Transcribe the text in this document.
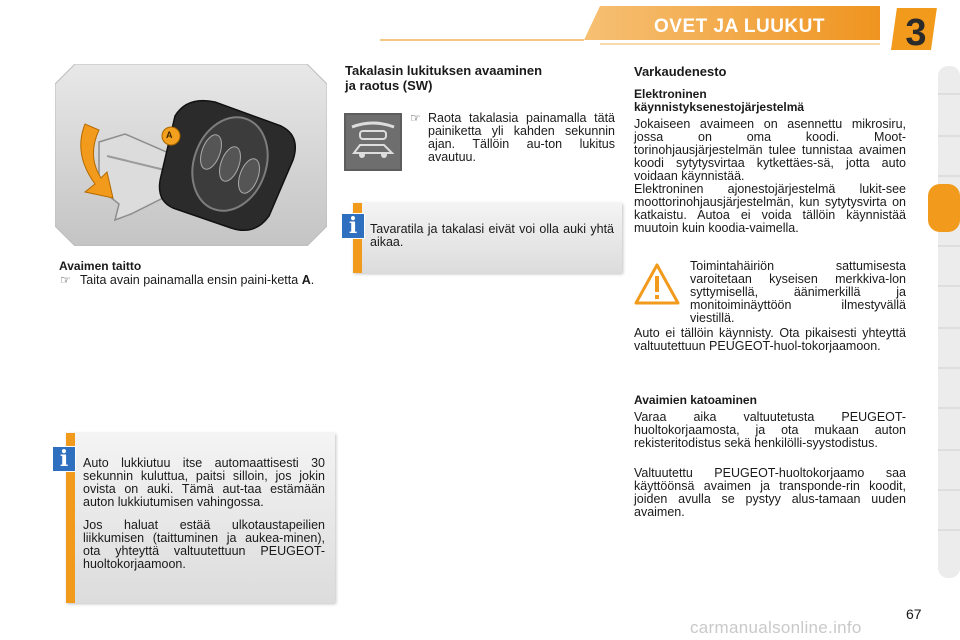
OVET JA LUUKUT	3
A
Avaimen taitto
☞ Taita avain painamalla ensin paini-ketta A.
Auto lukkiutuu itse automaattisesti 30 sekunnin kuluttua, paitsi silloin, jos jokin ovista on auki. Tämä aut-taa estämään auton lukkiutumisen vahingossa.
Jos haluat estää ulkotaustapeilien liikkumisen (taittuminen ja aukea-minen), ota yhteyttä valtuutettuun PEUGEOT-huoltokorjaamoon.
i
Takalasin lukituksen avaaminen
ja raotus (SW)
☞ Raota takalasia painamalla tätä painiketta yli kahden sekunnin ajan. Tällöin au-ton lukitus avautuu.
Tavaratila ja takalasi eivät voi olla auki yhtä aikaa.
i
Varkaudenesto
Elektroninen
käynnistyksenestojärjestelmä
Jokaiseen avaimeen on asennettu mikrosiru, jossa on oma koodi. Moot-torinohjausjärjestelmän tulee tunnistaa avaimen koodi sytytysvirtaa kytkettäes-sä, jotta auto voidaan käynnistää.
Elektroninen ajonestojärjestelmä lukit-see moottorinohjausjärjestelmän, kun sytytysvirta on katkaistu. Autoa ei voida tällöin käynnistää muutoin kuin koodia-vaimella.
Toimintahäiriön sattumisesta varoitetaan kyseisen merkkiva-lon syttymisellä, äänimerkillä ja monitoiminäyttöön ilmestyvällä viestillä.
Auto ei tällöin käynnisty. Ota pikaisesti yhteyttä valtuutettuun PEUGEOT-huol-tokorjaamoon.
Avaimien katoaminen
Varaa aika valtuutetusta PEUGEOT-huoltokorjaamosta, ja ota mukaan auton rekisteritodistus sekä henkilölli-syystodistus.
Valtuutettu PEUGEOT-huoltokorjaamo saa käyttöönsä avaimen ja transponde-rin koodit, joiden avulla se pystyy alus-tamaan uuden avaimen.
67
carmanualsonline.info
